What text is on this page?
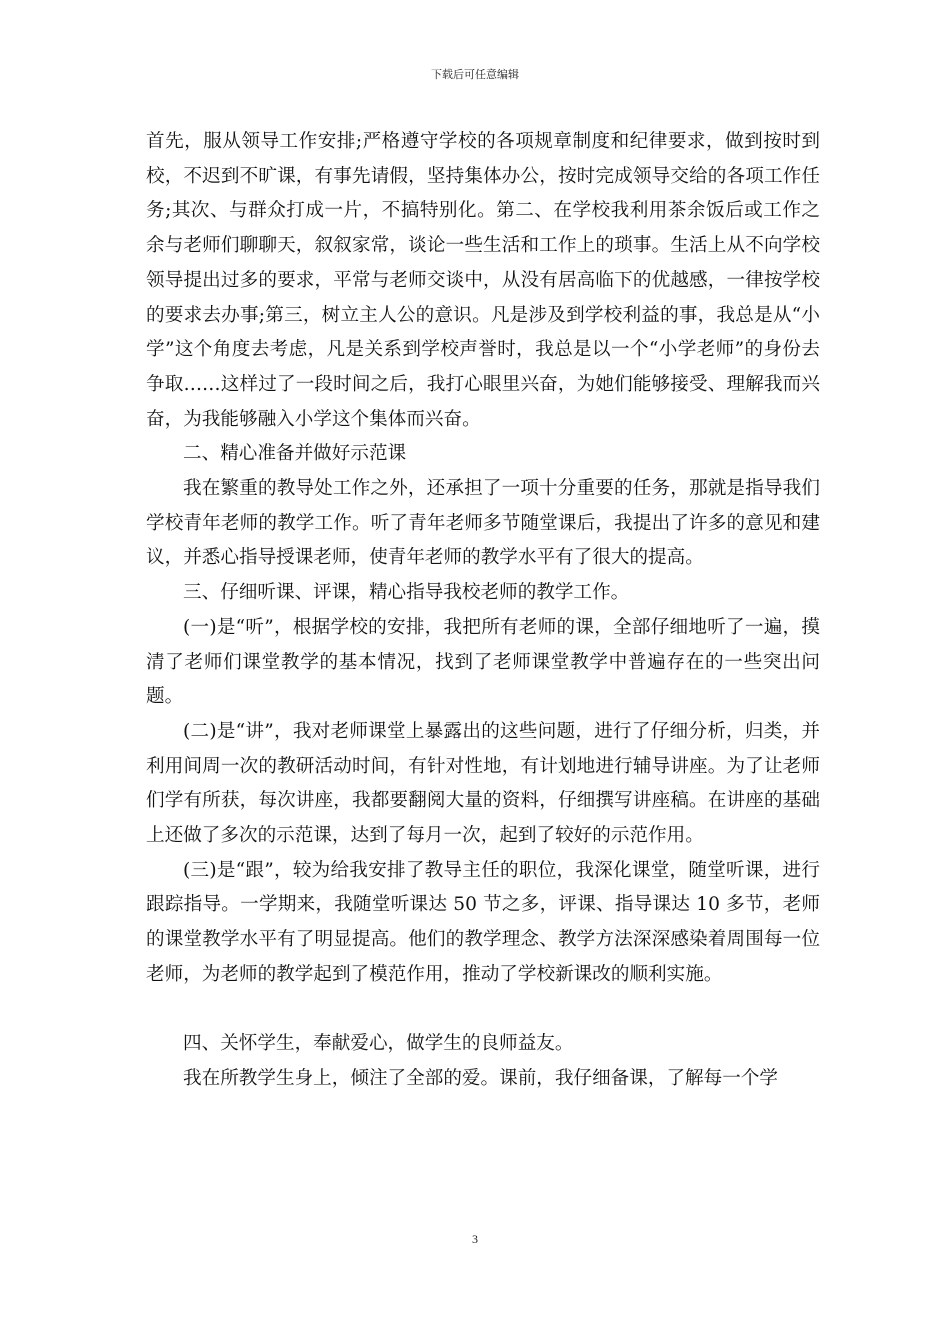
下载后可任意编辑

首先，服从领导工作安排;严格遵守学校的各项规章制度和纪律要求，做到按时到校，不迟到不旷课，有事先请假，坚持集体办公，按时完成领导交给的各项工作任务;其次、与群众打成一片，不搞特别化。第二、在学校我利用茶余饭后或工作之余与老师们聊聊天，叙叙家常，谈论一些生活和工作上的琐事。生活上从不向学校领导提出过多的要求，平常与老师交谈中，从没有居高临下的优越感，一律按学校的要求去办事;第三，树立主人公的意识。凡是涉及到学校利益的事，我总是从“小学”这个角度去考虑，凡是关系到学校声誉时，我总是以一个“小学老师”的身份去争取……这样过了一段时间之后，我打心眼里兴奋，为她们能够接受、理解我而兴奋，为我能够融入小学这个集体而兴奋。

二、精心准备并做好示范课

我在繁重的教导处工作之外，还承担了一项十分重要的任务，那就是指导我们学校青年老师的教学工作。听了青年老师多节随堂课后，我提出了许多的意见和建议，并悉心指导授课老师，使青年老师的教学水平有了很大的提高。

三、仔细听课、评课，精心指导我校老师的教学工作。

(一)是“听”，根据学校的安排，我把所有老师的课，全部仔细地听了一遍，摸清了老师们课堂教学的基本情况，找到了老师课堂教学中普遍存在的一些突出问题。

(二)是“讲”，我对老师课堂上暴露出的这些问题，进行了仔细分析，归类，并利用间周一次的教研活动时间，有针对性地，有计划地进行辅导讲座。为了让老师们学有所获，每次讲座，我都要翻阅大量的资料，仔细撰写讲座稿。在讲座的基础上还做了多次的示范课，达到了每月一次，起到了较好的示范作用。

(三)是“跟”，较为给我安排了教导主任的职位，我深化课堂，随堂听课，进行跟踪指导。一学期来，我随堂听课达 50 节之多，评课、指导课达 10 多节，老师的课堂教学水平有了明显提高。他们的教学理念、教学方法深深感染着周围每一位老师，为老师的教学起到了模范作用，推动了学校新课改的顺利实施。

四、关怀学生，奉献爱心，做学生的良师益友。

我在所教学生身上，倾注了全部的爱。课前，我仔细备课，了解每一个学

3
